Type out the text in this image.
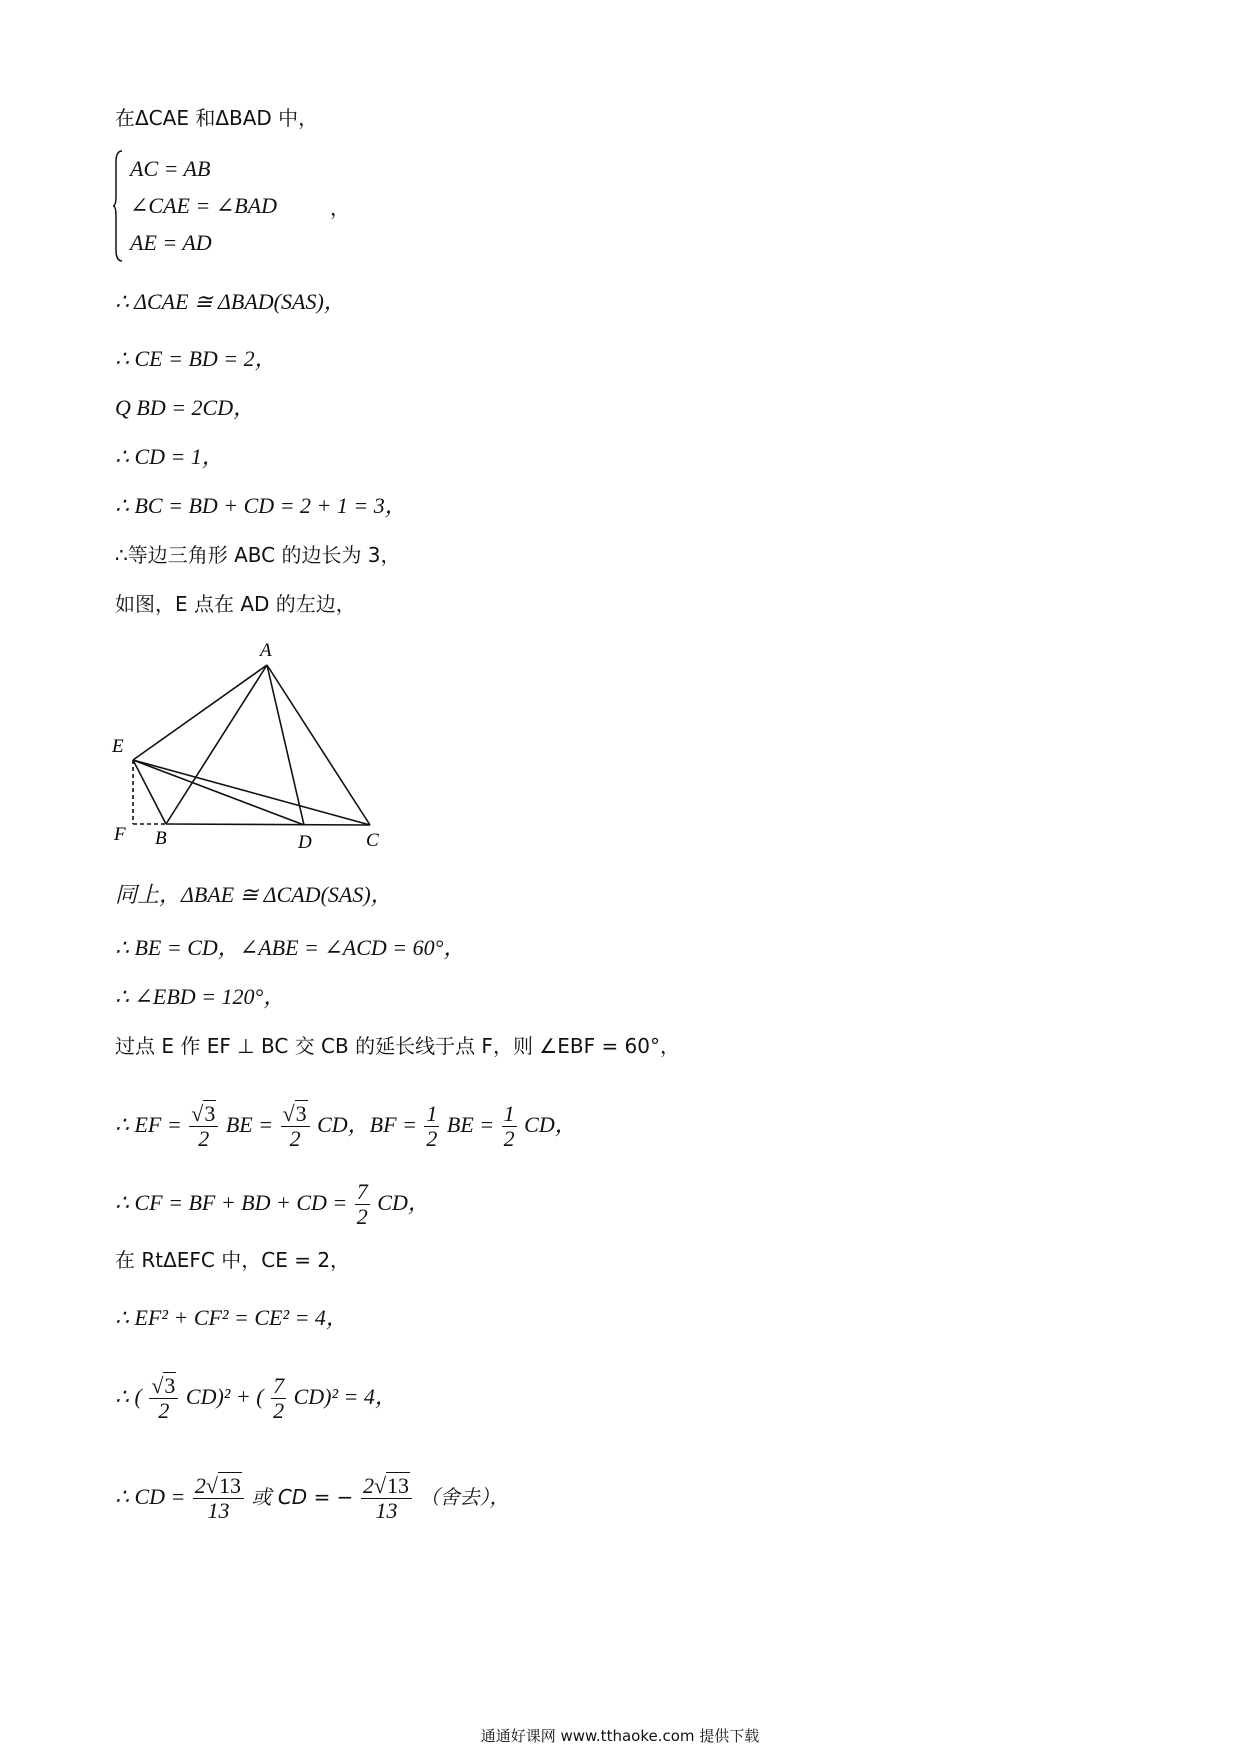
在ΔCAE 和ΔBAD 中，
AC = AB
∠CAE = ∠BAD
AE = AD
，
∴ ΔCAE ≅ ΔBAD(SAS)，
∴ CE = BD = 2，
Q BD = 2CD，
∴ CD = 1，
∴ BC = BD + CD = 2 + 1 = 3，
∴等边三角形 ABC 的边长为 3，
如图，E 点在 AD 的左边，
A
E
F B	D	C
同上，ΔBAE ≅ ΔCAD(SAS)，
∴ BE = CD，∠ABE = ∠ACD = 60°，
∴ ∠EBD = 120°，
过点 E 作 EF ⊥ BC 交 CB 的延长线于点 F，则 ∠EBF = 60°，
∴ EF = $\frac{√3}{2}$ BE = $\frac{√3}{2}$ CD，BF = $\frac{1}{2}$ BE = $\frac{1}{2}$ CD，
∴ CF = BF + BD + CD = $\frac{7}{2}$ CD，
在 RtΔEFC 中，CE = 2，
∴ EF² + CF² = CE² = 4，
∴ ( $\frac{√3}{2} CD)^2$ + ( $\frac{7}{2} CD)^2 = 4$，
∴ CD = $\frac{2√13}{13}$ 或 CD = − $\frac{2√13}{13}$ （舍去），
通通好课网 www.tthaoke.com 提供下载
